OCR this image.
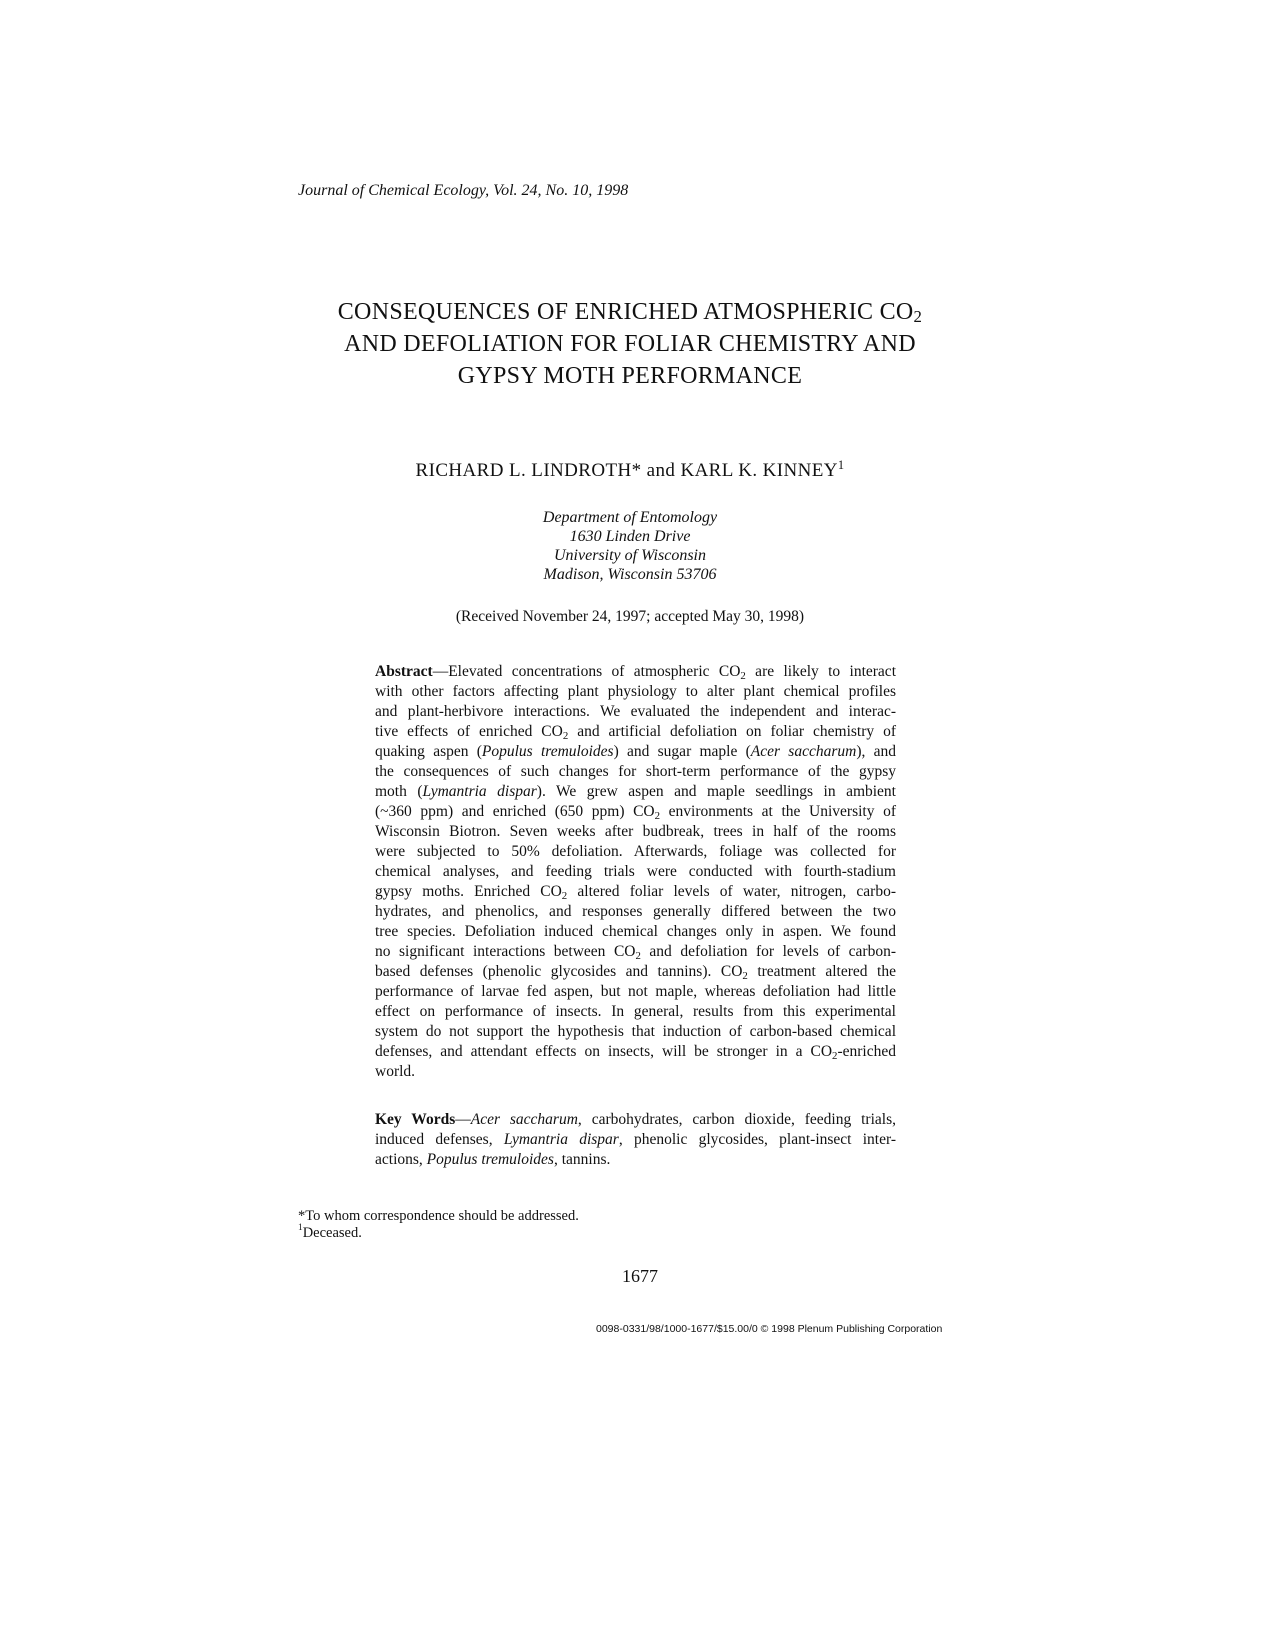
Journal of Chemical Ecology, Vol. 24, No. 10, 1998
CONSEQUENCES OF ENRICHED ATMOSPHERIC $CO_2$
AND DEFOLIATION FOR FOLIAR CHEMISTRY AND
GYPSY MOTH PERFORMANCE
RICHARD L. LINDROTH* and KARL K. KINNEY$^1$
Department of Entomology
1630 Linden Drive
University of Wisconsin
Madison, Wisconsin 53706
(Received November 24, 1997; accepted May 30, 1998)
Abstract—Elevated concentrations of atmospheric $CO_2$ are likely to interact
with other factors affecting plant physiology to alter plant chemical profiles
and plant-herbivore interactions. We evaluated the independent and interac-
tive effects of enriched $CO_2$ and artificial defoliation on foliar chemistry of
quaking aspen (Populus tremuloides) and sugar maple (Acer saccharum), and
the consequences of such changes for short-term performance of the gypsy
moth (Lymantria dispar). We grew aspen and maple seedlings in ambient
(~360 ppm) and enriched (650 ppm) $CO_2$ environments at the University of
Wisconsin Biotron. Seven weeks after budbreak, trees in half of the rooms
were subjected to 50% defoliation. Afterwards, foliage was collected for
chemical analyses, and feeding trials were conducted with fourth-stadium
gypsy moths. Enriched $CO_2$ altered foliar levels of water, nitrogen, carbo-
hydrates, and phenolics, and responses generally differed between the two
tree species. Defoliation induced chemical changes only in aspen. We found
no significant interactions between $CO_2$ and defoliation for levels of carbon-
based defenses (phenolic glycosides and tannins). $CO_2$ treatment altered the
performance of larvae fed aspen, but not maple, whereas defoliation had little
effect on performance of insects. In general, results from this experimental
system do not support the hypothesis that induction of carbon-based chemical
defenses, and attendant effects on insects, will be stronger in a $CO_2$-enriched
world.
Key Words—Acer saccharum, carbohydrates, carbon dioxide, feeding trials,
induced defenses, Lymantria dispar, phenolic glycosides, plant-insect inter-
actions, Populus tremuloides, tannins.
*To whom correspondence should be addressed.
$^1$Deceased.
1677
0098-0331/98/1000-1677/$15.00/0 © 1998 Plenum Publishing Corporation
